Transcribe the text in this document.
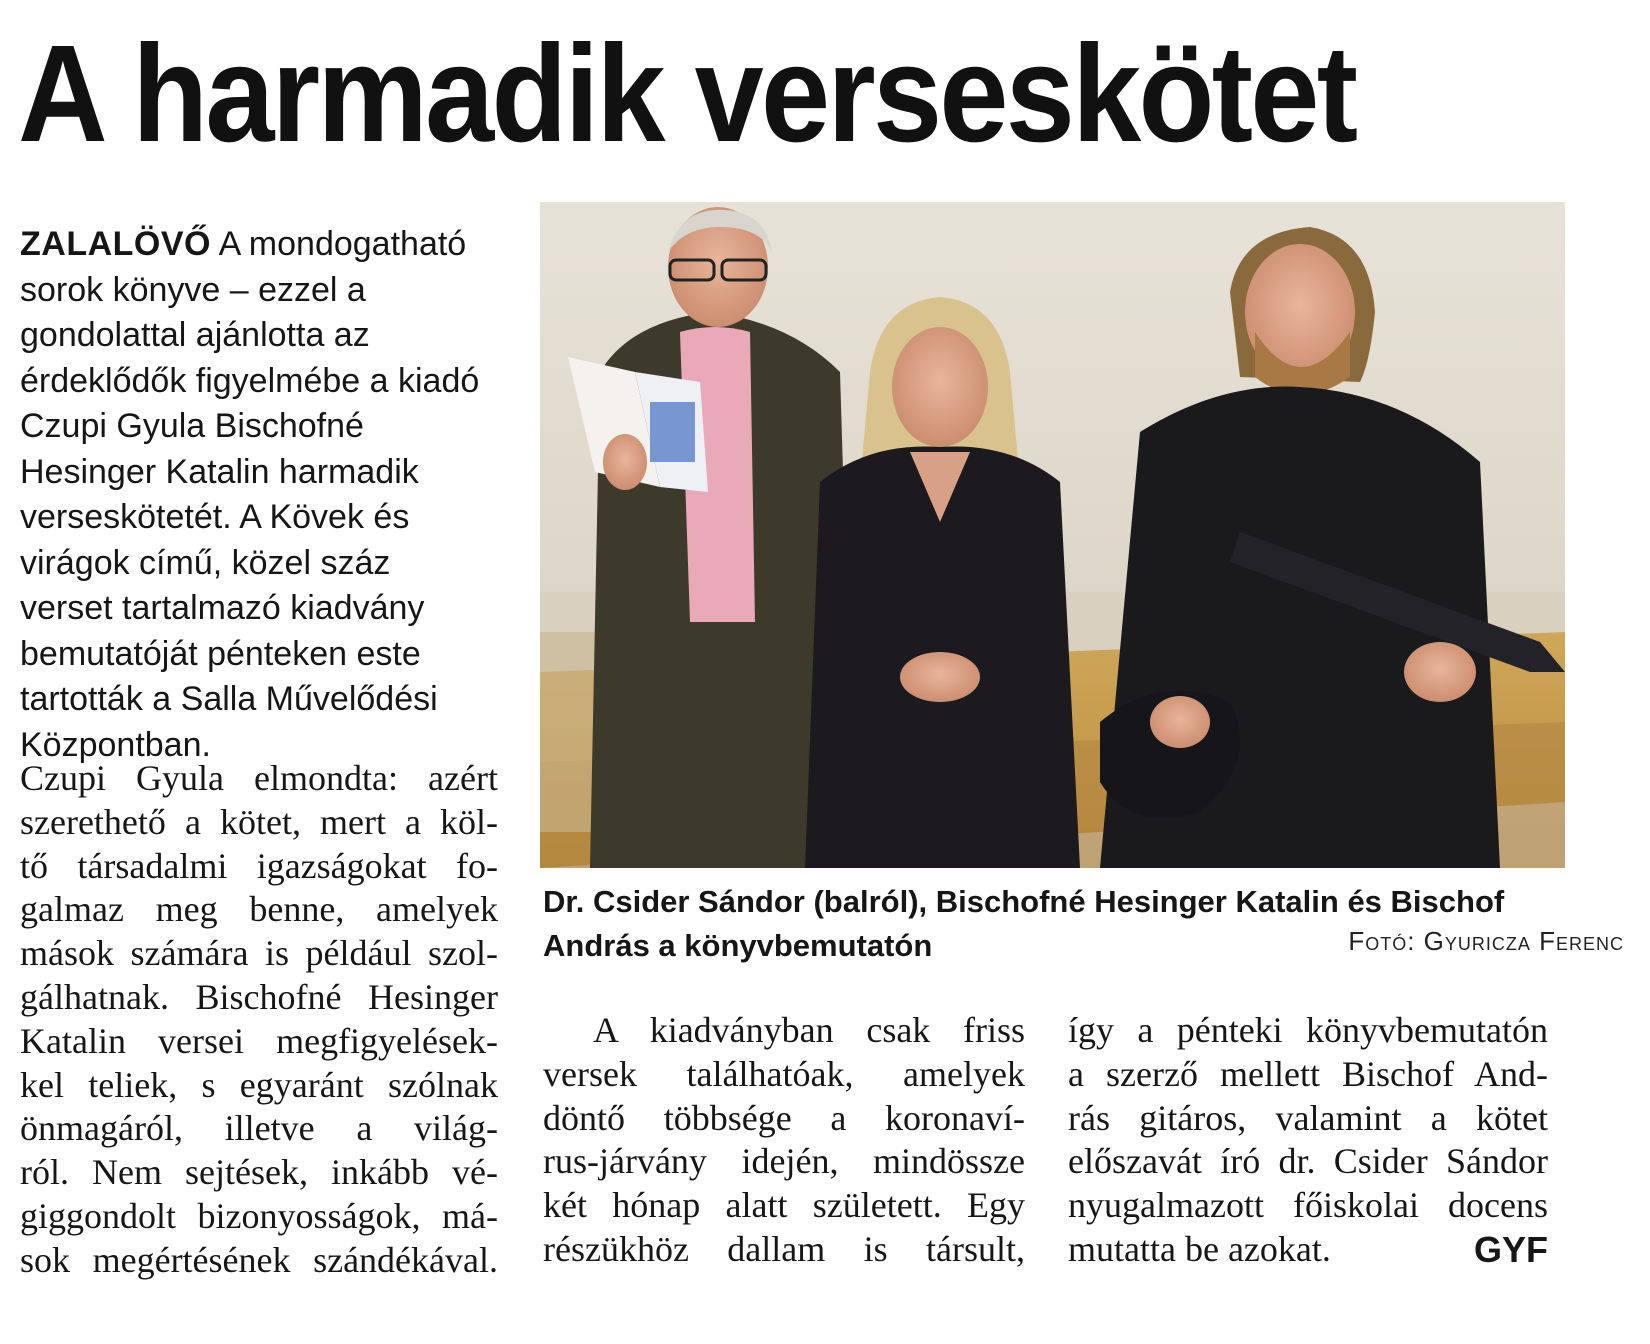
A harmadik verseskötet

ZALALÖVŐ A mondogatható sorok könyve – ezzel a gondolattal ajánlotta az érdeklődők figyelmébe a kiadó Czupi Gyula Bischofné Hesinger Katalin harmadik verseskötetét. A Kövek és virágok című, közel száz verset tartalmazó kiadvány bemutatóját pénteken este tartották a Salla Művelődési Központban.

Czupi Gyula elmondta: azért
szerethető a kötet, mert a köl-
tő társadalmi igazságokat fo-
galmaz meg benne, amelyek
mások számára is például szol-
gálhatnak. Bischofné Hesinger
Katalin versei megfigyelések-
kel teliek, s egyaránt szólnak
önmagáról, illetve a világ-
ról. Nem sejtések, inkább vé-
giggondolt bizonyosságok, má-
sok megértésének szándékával.
Dr. Csider Sándor (balról), Bischofné Hesinger Katalin és Bischof
András a könyvbemutatón	Fotó: Gyuricza Ferenc
A kiadványban csak friss
versek találhatóak, amelyek
döntő többsége a koronaví-
rus-járvány idején, mindössze
két hónap alatt született. Egy
részükhöz dallam is társult,
így a pénteki könyvbemutatón
a szerző mellett Bischof And-
rás gitáros, valamint a kötet
előszavát író dr. Csider Sándor
nyugalmazott főiskolai docens
mutatta be azokat.	GYF
